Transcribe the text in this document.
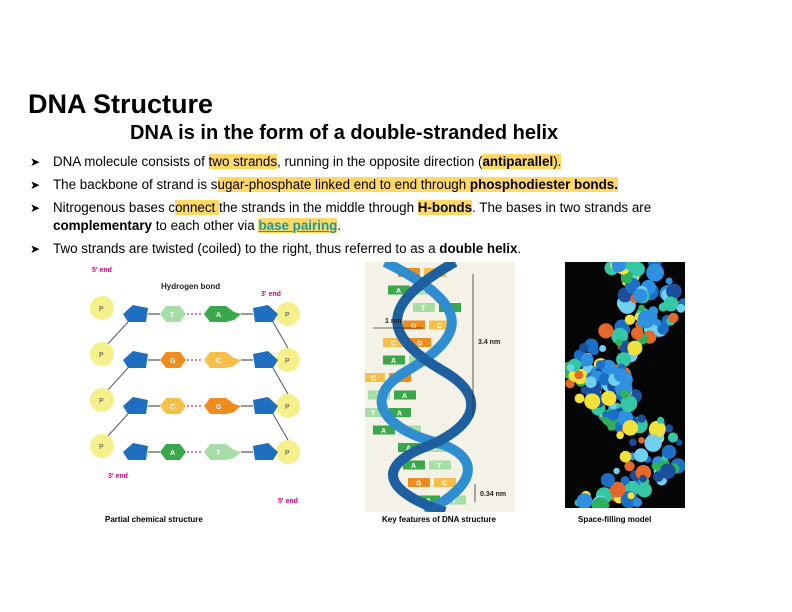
DNA Structure
DNA is in the form of a double-stranded helix
➤ DNA molecule consists of two strands, running in the opposite direction (antiparallel).
➤ The backbone of strand is sugar-phosphate linked end to end through phosphodiester bonds.
➤ Nitrogenous bases connect the strands in the middle through H-bonds. The bases in two strands are complementary to each other via base pairing.
➤ Two strands are twisted (coiled) to the right, thus referred to as a double helix.
5' end
Hydrogen bond
3' end
3' end
5' end
P
P
T	A
P
P
G	C
P
P
C	G
P
P
A	T
Partial chemical structure
G	C
A	T
T	A
G	C
C	G
A	T
C	G
T	A
T	A
A	T
A	T
A	T
G	C
A	T
1 nm
3.4 nm
0.34 nm
Key features of DNA structure	Space-filling model
